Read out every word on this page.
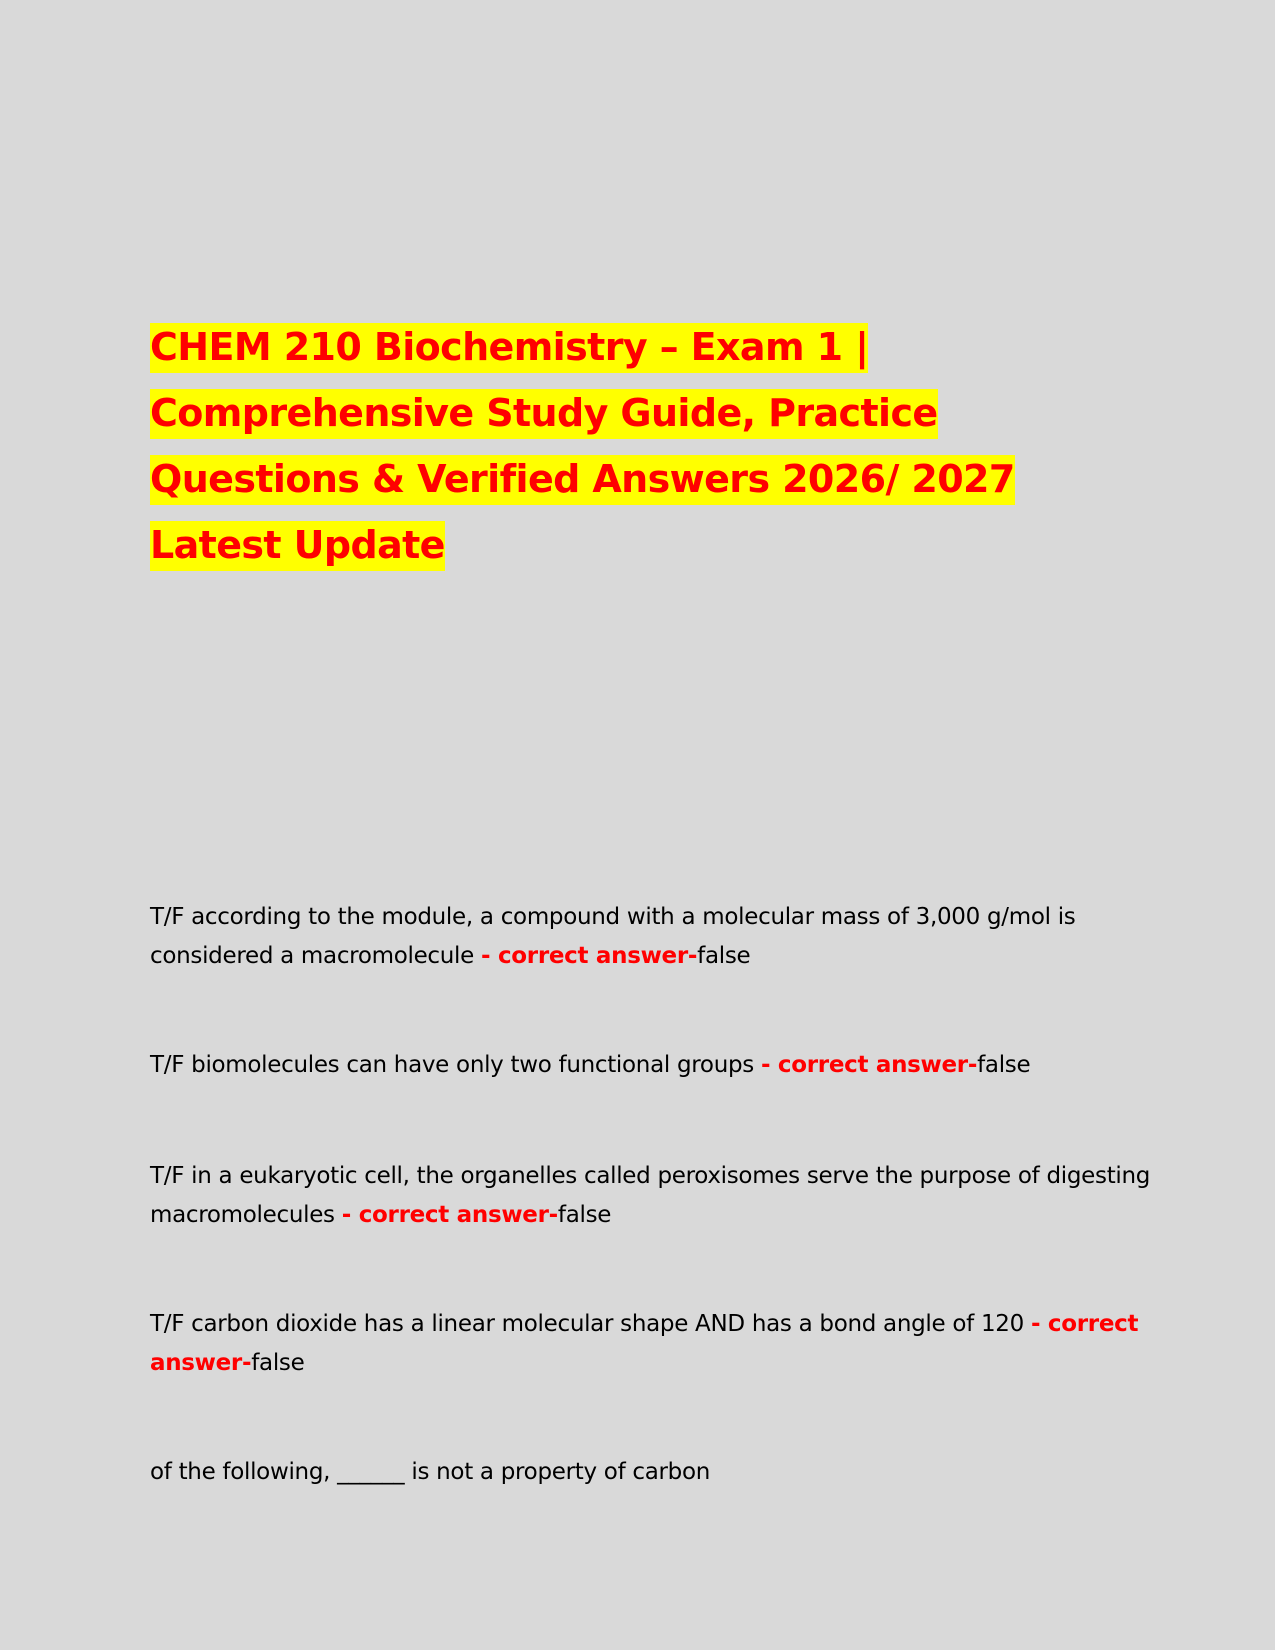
CHEM 210 Biochemistry – Exam 1 |
Comprehensive Study Guide, Practice
Questions & Verified Answers 2026/ 2027
Latest Update
T/F according to the module, a compound with a molecular mass of 3,000 g/mol is considered a macromolecule - correct answer-false
T/F biomolecules can have only two functional groups - correct answer-false
T/F in a eukaryotic cell, the organelles called peroxisomes serve the purpose of digesting macromolecules - correct answer-false
T/F carbon dioxide has a linear molecular shape AND has a bond angle of 120 - correct answer-false
of the following, ______ is not a property of carbon
